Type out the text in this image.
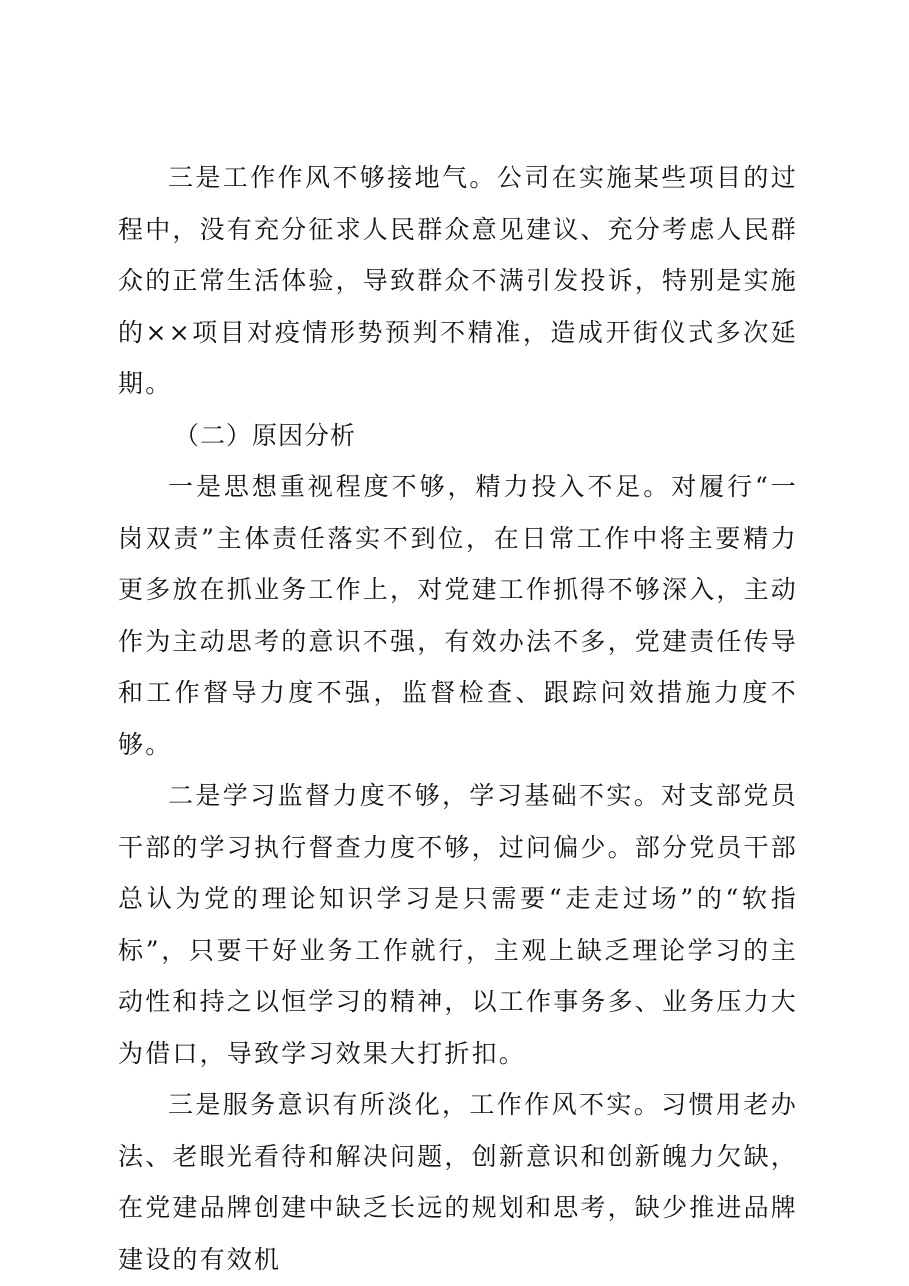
三是工作作风不够接地气。公司在实施某些项目的过程中，没有充分征求人民群众意见建议、充分考虑人民群众的正常生活体验，导致群众不满引发投诉，特别是实施的××项目对疫情形势预判不精准，造成开街仪式多次延期。

（二）原因分析

一是思想重视程度不够，精力投入不足。对履行“一岗双责”主体责任落实不到位，在日常工作中将主要精力更多放在抓业务工作上，对党建工作抓得不够深入，主动作为主动思考的意识不强，有效办法不多，党建责任传导和工作督导力度不强，监督检查、跟踪问效措施力度不够。

二是学习监督力度不够，学习基础不实。对支部党员干部的学习执行督查力度不够，过问偏少。部分党员干部总认为党的理论知识学习是只需要“走走过场”的“软指标”，只要干好业务工作就行，主观上缺乏理论学习的主动性和持之以恒学习的精神，以工作事务多、业务压力大为借口，导致学习效果大打折扣。

三是服务意识有所淡化，工作作风不实。习惯用老办法、老眼光看待和解决问题，创新意识和创新魄力欠缺，在党建品牌创建中缺乏长远的规划和思考，缺少推进品牌建设的有效机
